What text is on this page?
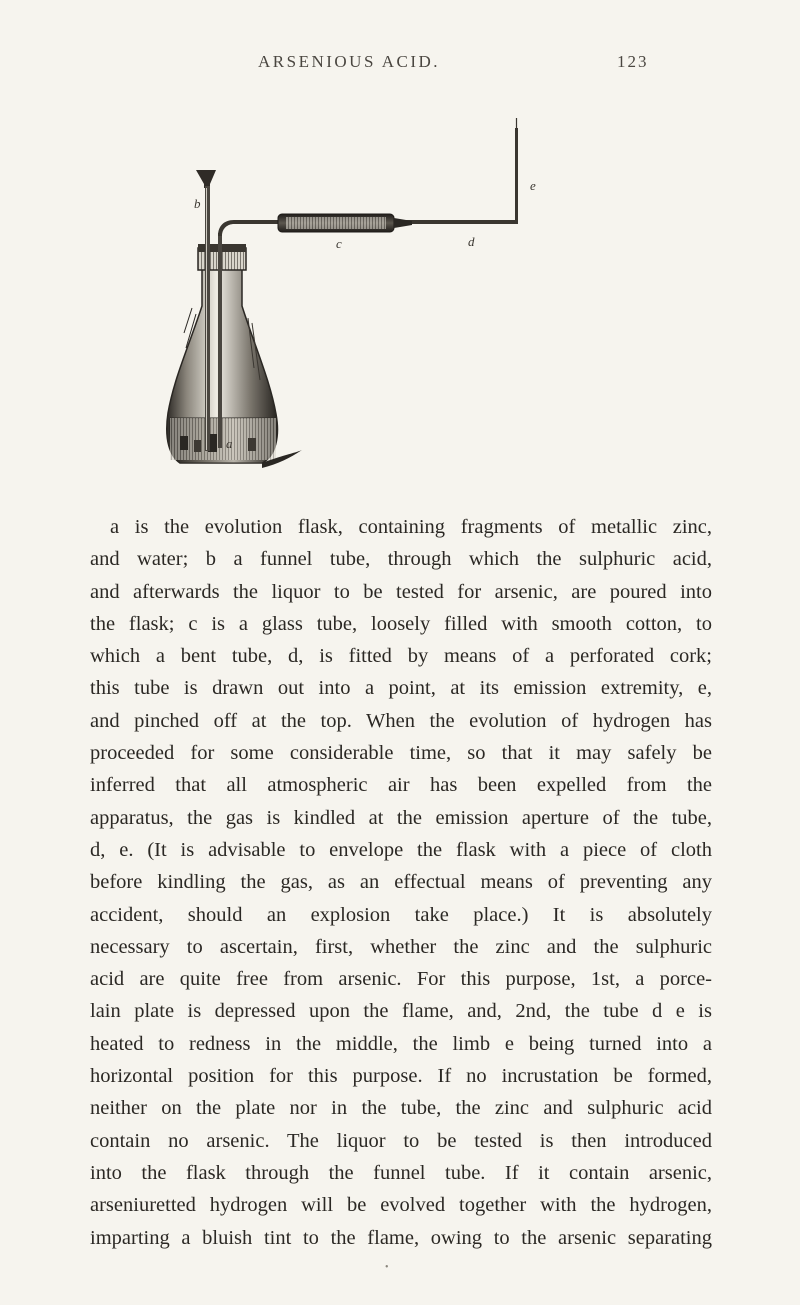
ARSENIOUS ACID.	123
a
b
c	d
e
a is the evolution flask, containing fragments of metallic zinc,
and water; b a funnel tube, through which the sulphuric acid,
and afterwards the liquor to be tested for arsenic, are poured into
the flask; c is a glass tube, loosely filled with smooth cotton, to
which a bent tube, d, is fitted by means of a perforated cork;
this tube is drawn out into a point, at its emission extremity, e,
and pinched off at the top. When the evolution of hydrogen has
proceeded for some considerable time, so that it may safely be
inferred that all atmospheric air has been expelled from the
apparatus, the gas is kindled at the emission aperture of the tube,
d, e. (It is advisable to envelope the flask with a piece of cloth
before kindling the gas, as an effectual means of preventing any
accident, should an explosion take place.) It is absolutely
necessary to ascertain, first, whether the zinc and the sulphuric
acid are quite free from arsenic. For this purpose, 1st, a porce-
lain plate is depressed upon the flame, and, 2nd, the tube d e is
heated to redness in the middle, the limb e being turned into a
horizontal position for this purpose. If no incrustation be formed,
neither on the plate nor in the tube, the zinc and sulphuric acid
contain no arsenic. The liquor to be tested is then introduced
into the flask through the funnel tube. If it contain arsenic,
arseniuretted hydrogen will be evolved together with the hydrogen,
imparting a bluish tint to the flame, owing to the arsenic separating
•
